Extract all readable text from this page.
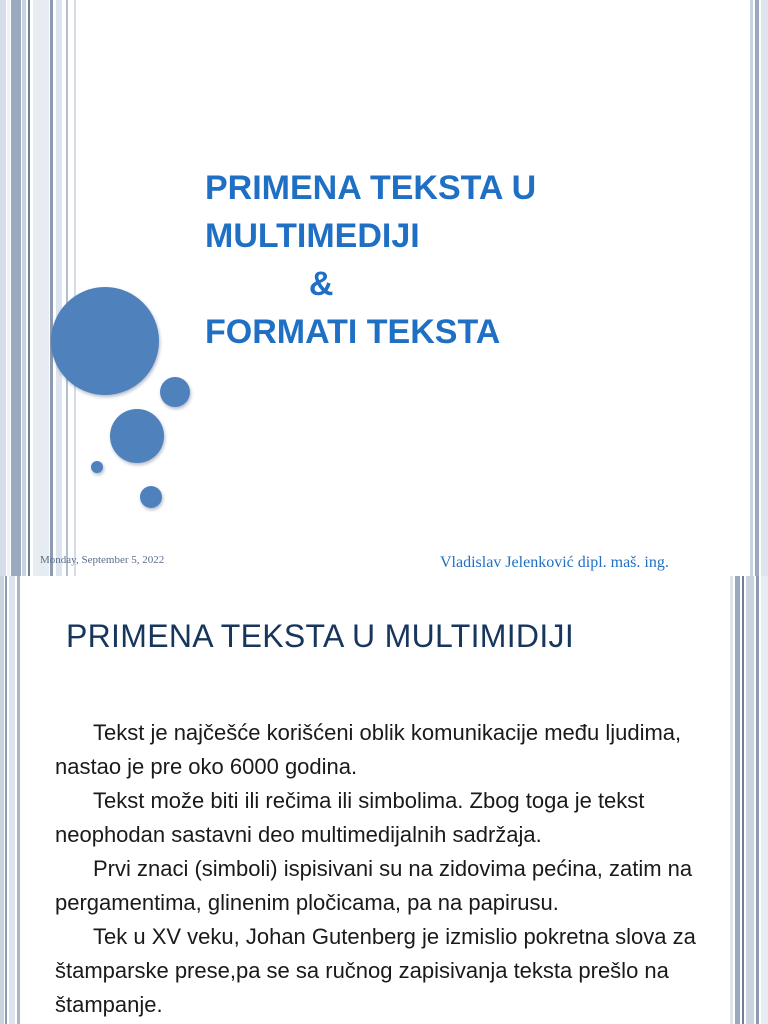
PRIMENA TEKSTA U
MULTIMEDIJI
&
FORMATI TEKSTA
Monday, September 5, 2022	Vladislav Jelenković dipl. maš. ing.
PRIMENA TEKSTA U MULTIMIDIJI

Tekst je najčešće korišćeni oblik komunikacije među ljudima, nastao je pre oko 6000 godina.

Tekst može biti ili rečima ili simbolima. Zbog toga je tekst neophodan sastavni deo multimedijalnih sadržaja.

Prvi znaci (simboli) ispisivani su na zidovima pećina, zatim na pergamentima, glinenim pločicama, pa na papirusu.

Tek u XV veku, Johan Gutenberg je izmislio pokretna slova za štamparske prese,pa se sa ručnog zapisivanja teksta prešlo na štampanje.
